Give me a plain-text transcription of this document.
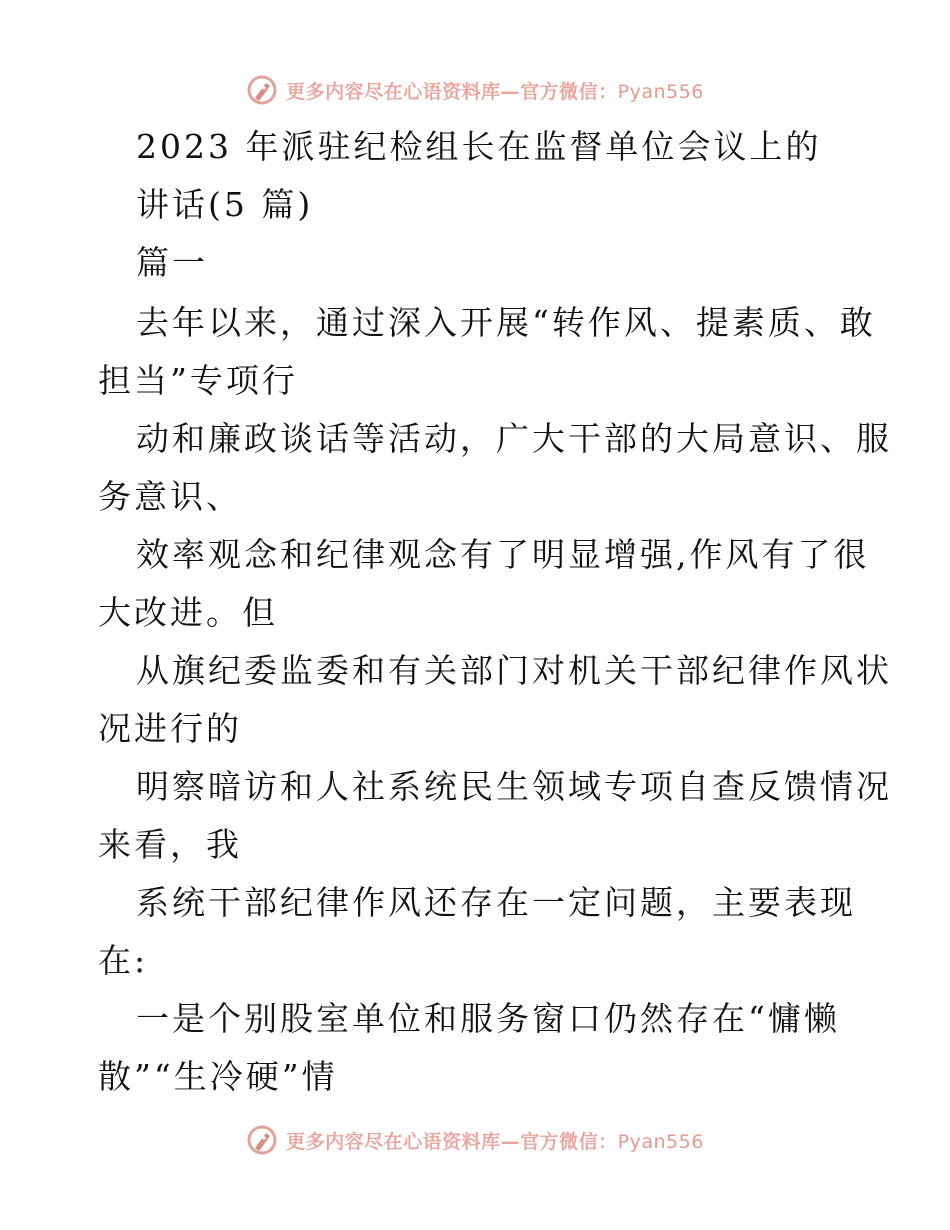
更多内容尽在心语资料库—官方微信：Pyan556
2023 年派驻纪检组长在监督单位会议上的
讲话(5 篇)
篇一
去年以来，通过深入开展“转作风、提素质、敢
担当”专项行
动和廉政谈话等活动，广大干部的大局意识、服
务意识、
效率观念和纪律观念有了明显增强,作风有了很
大改进。但
从旗纪委监委和有关部门对机关干部纪律作风状
况进行的
明察暗访和人社系统民生领域专项自查反馈情况
来看，我
系统干部纪律作风还存在一定问题，主要表现
在:
一是个别股室单位和服务窗口仍然存在“慵懒
散”“生冷硬”情
更多内容尽在心语资料库—官方微信：Pyan556
